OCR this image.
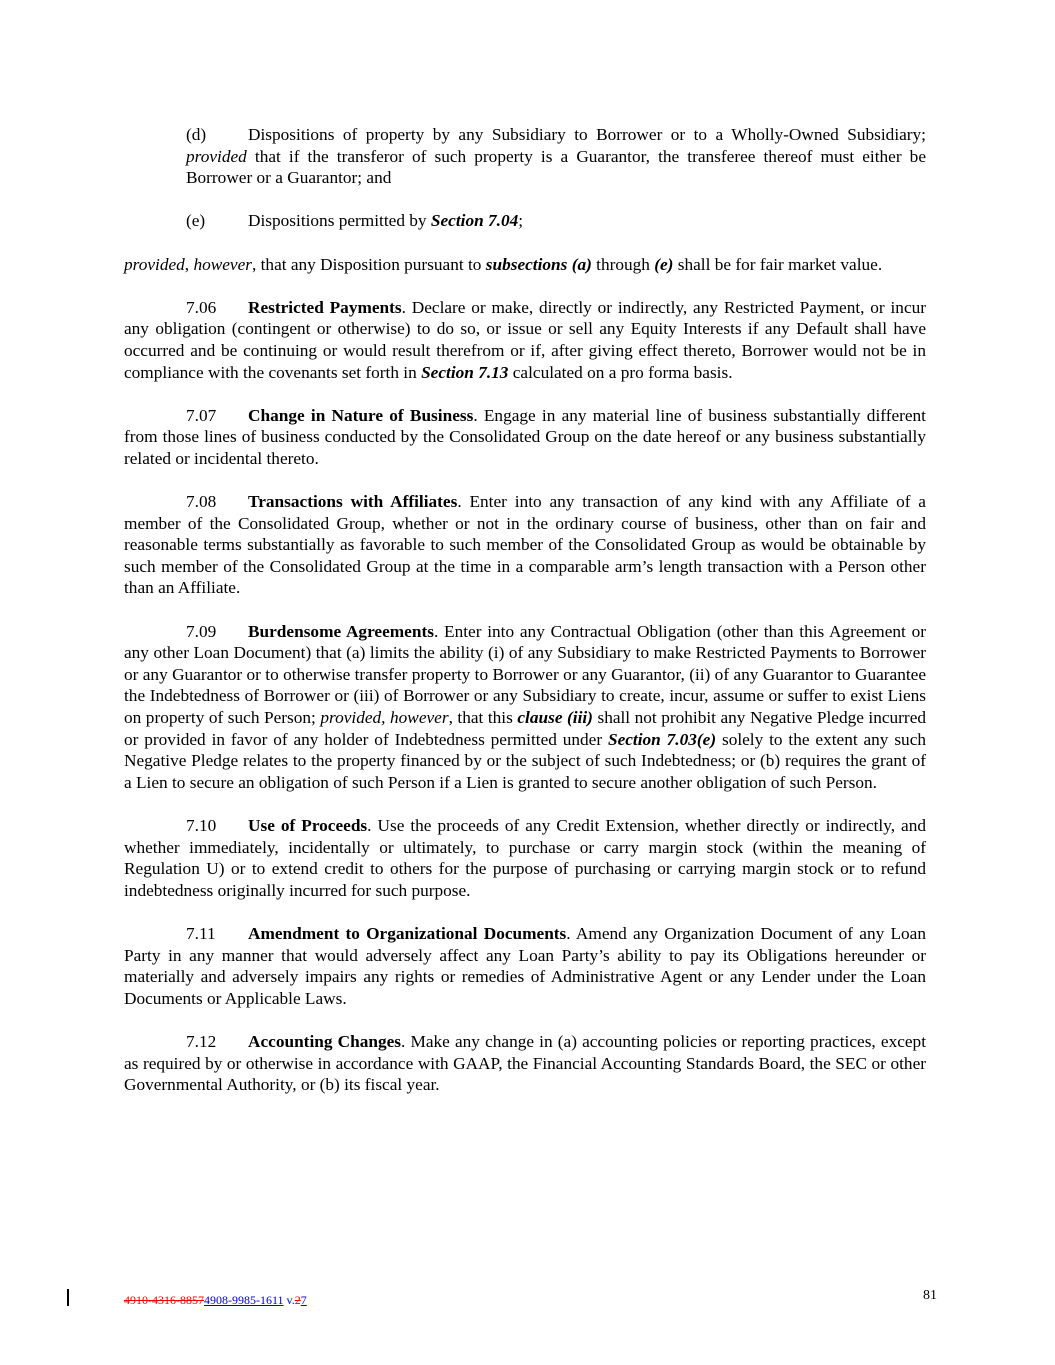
(d) Dispositions of property by any Subsidiary to Borrower or to a Wholly-Owned Subsidiary; provided that if the transferor of such property is a Guarantor, the transferee thereof must either be Borrower or a Guarantor; and

(e) Dispositions permitted by Section 7.04;

provided, however, that any Disposition pursuant to subsections (a) through (e) shall be for fair market value.

7.06 Restricted Payments. Declare or make, directly or indirectly, any Restricted Payment, or incur any obligation (contingent or otherwise) to do so, or issue or sell any Equity Interests if any Default shall have occurred and be continuing or would result therefrom or if, after giving effect thereto, Borrower would not be in compliance with the covenants set forth in Section 7.13 calculated on a pro forma basis.

7.07 Change in Nature of Business. Engage in any material line of business substantially different from those lines of business conducted by the Consolidated Group on the date hereof or any business substantially related or incidental thereto.

7.08 Transactions with Affiliates. Enter into any transaction of any kind with any Affiliate of a member of the Consolidated Group, whether or not in the ordinary course of business, other than on fair and reasonable terms substantially as favorable to such member of the Consolidated Group as would be obtainable by such member of the Consolidated Group at the time in a comparable arm’s length transaction with a Person other than an Affiliate.

7.09 Burdensome Agreements. Enter into any Contractual Obligation (other than this Agreement or any other Loan Document) that (a) limits the ability (i) of any Subsidiary to make Restricted Payments to Borrower or any Guarantor or to otherwise transfer property to Borrower or any Guarantor, (ii) of any Guarantor to Guarantee the Indebtedness of Borrower or (iii) of Borrower or any Subsidiary to create, incur, assume or suffer to exist Liens on property of such Person; provided, however, that this clause (iii) shall not prohibit any Negative Pledge incurred or provided in favor of any holder of Indebtedness permitted under Section 7.03(e) solely to the extent any such Negative Pledge relates to the property financed by or the subject of such Indebtedness; or (b) requires the grant of a Lien to secure an obligation of such Person if a Lien is granted to secure another obligation of such Person.

7.10 Use of Proceeds. Use the proceeds of any Credit Extension, whether directly or indirectly, and whether immediately, incidentally or ultimately, to purchase or carry margin stock (within the meaning of Regulation U) or to extend credit to others for the purpose of purchasing or carrying margin stock or to refund indebtedness originally incurred for such purpose.

7.11 Amendment to Organizational Documents. Amend any Organization Document of any Loan Party in any manner that would adversely affect any Loan Party’s ability to pay its Obligations hereunder or materially and adversely impairs any rights or remedies of Administrative Agent or any Lender under the Loan Documents or Applicable Laws.

7.12 Accounting Changes. Make any change in (a) accounting policies or reporting practices, except as required by or otherwise in accordance with GAAP, the Financial Accounting Standards Board, the SEC or other Governmental Authority, or (b) its fiscal year.

4910-4316-88574908-9985-1611 v.27	81
